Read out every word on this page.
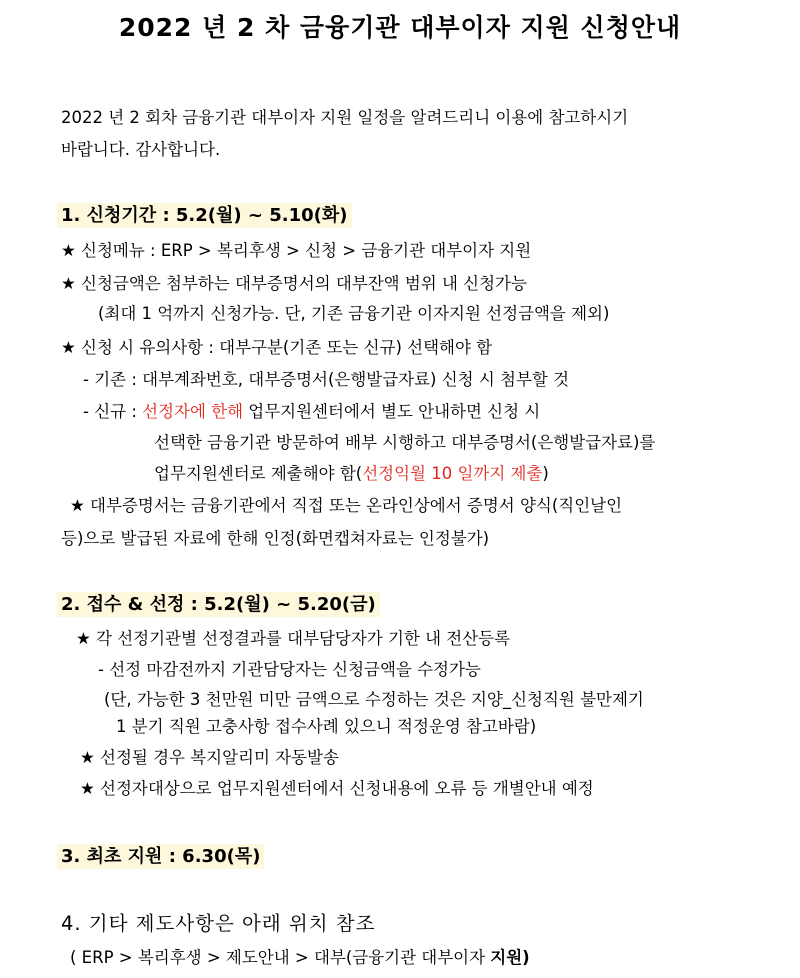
2022 년 2 차 금융기관 대부이자 지원 신청안내
2022 년 2 회차 금융기관 대부이자 지원 일정을 알려드리니 이용에 참고하시기
바랍니다. 감사합니다.
1. 신청기간 : 5.2(월) ~ 5.10(화)
★ 신청메뉴 : ERP > 복리후생 > 신청 > 금융기관 대부이자 지원
★ 신청금액은 첨부하는 대부증명서의 대부잔액 범위 내 신청가능
(최대 1 억까지 신청가능. 단, 기존 금융기관 이자지원 선정금액을 제외)
★ 신청 시 유의사항 : 대부구분(기존 또는 신규) 선택해야 함
- 기존 : 대부계좌번호, 대부증명서(은행발급자료) 신청 시 첨부할 것
- 신규 : 선정자에 한해 업무지원센터에서 별도 안내하면 신청 시
선택한 금융기관 방문하여 배부 시행하고 대부증명서(은행발급자료)를
업무지원센터로 제출해야 함(선정익월 10 일까지 제출)
★ 대부증명서는 금융기관에서 직접 또는 온라인상에서 증명서 양식(직인날인
등)으로 발급된 자료에 한해 인정(화면캡쳐자료는 인정불가)
2. 접수 & 선정 : 5.2(월) ~ 5.20(금)
★ 각 선정기관별 선정결과를 대부담당자가 기한 내 전산등록
- 선정 마감전까지 기관담당자는 신청금액을 수정가능
(단, 가능한 3 천만원 미만 금액으로 수정하는 것은 지양_신청직원 불만제기
1 분기 직원 고충사항 접수사례 있으니 적정운영 참고바람)
★ 선정될 경우 복지알리미 자동발송
★ 선정자대상으로 업무지원센터에서 신청내용에 오류 등 개별안내 예정
3. 최초 지원 : 6.30(목)
4. 기타 제도사항은 아래 위치 참조
( ERP > 복리후생 > 제도안내 > 대부(금융기관 대부이자 지원)
